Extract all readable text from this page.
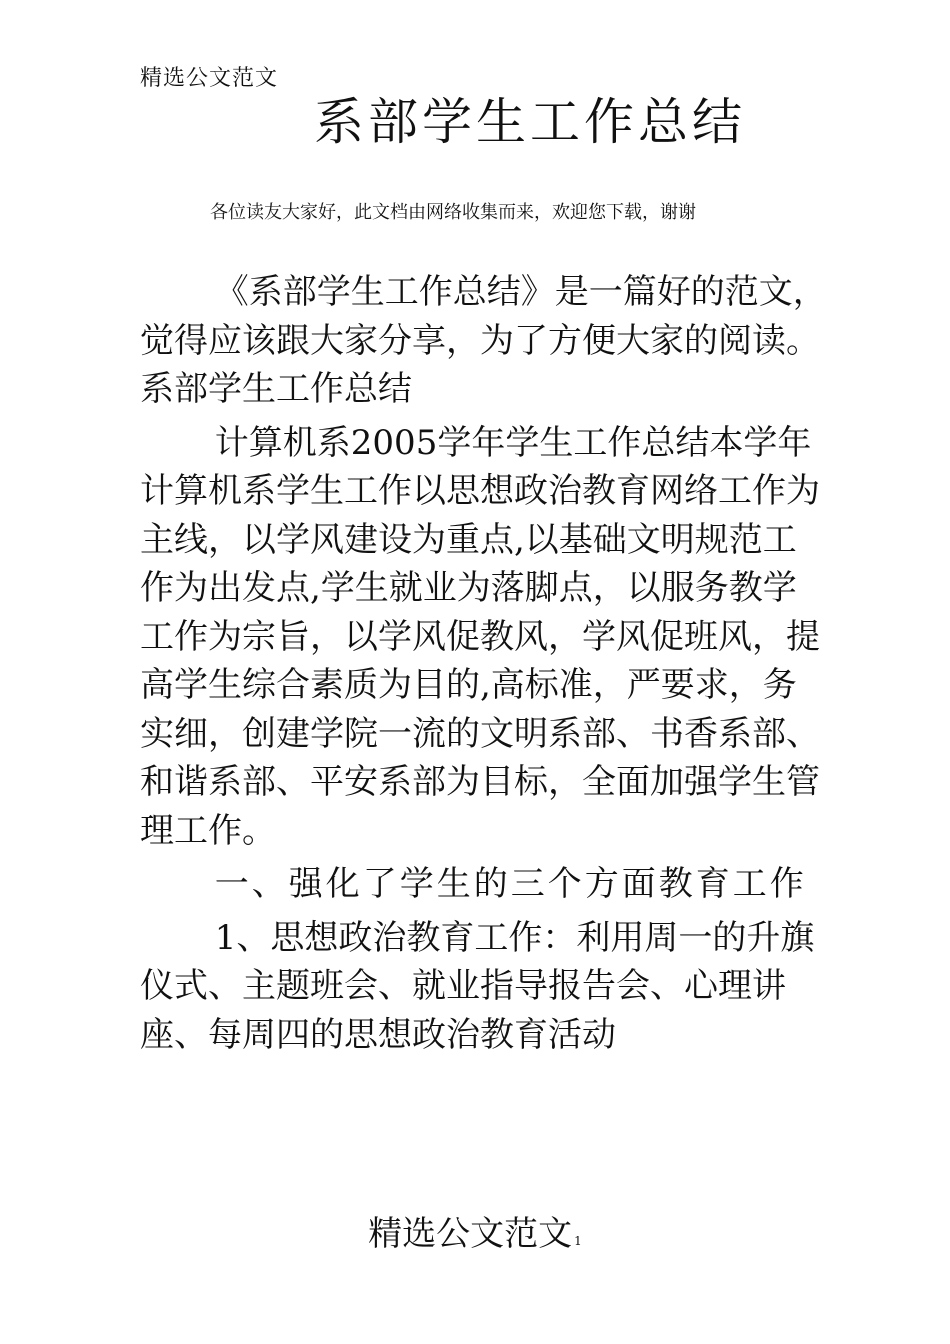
精选公文范文
系部学生工作总结
各位读友大家好，此文档由网络收集而来，欢迎您下载，谢谢

《系部学生工作总结》是一篇好的范文，觉得应该跟大家分享，为了方便大家的阅读。系部学生工作总结

计算机系2005学年学生工作总结本学年计算机系学生工作以思想政治教育网络工作为主线，以学风建设为重点,以基础文明规范工作为出发点,学生就业为落脚点，以服务教学工作为宗旨，以学风促教风，学风促班风，提高学生综合素质为目的,高标准，严要求，务实细，创建学院一流的文明系部、书香系部、和谐系部、平安系部为目标，全面加强学生管理工作。

一、强化了学生的三个方面教育工作

1、思想政治教育工作：利用周一的升旗仪式、主题班会、就业指导报告会、心理讲座、每周四的思想政治教育活动

精选公文范文 1
